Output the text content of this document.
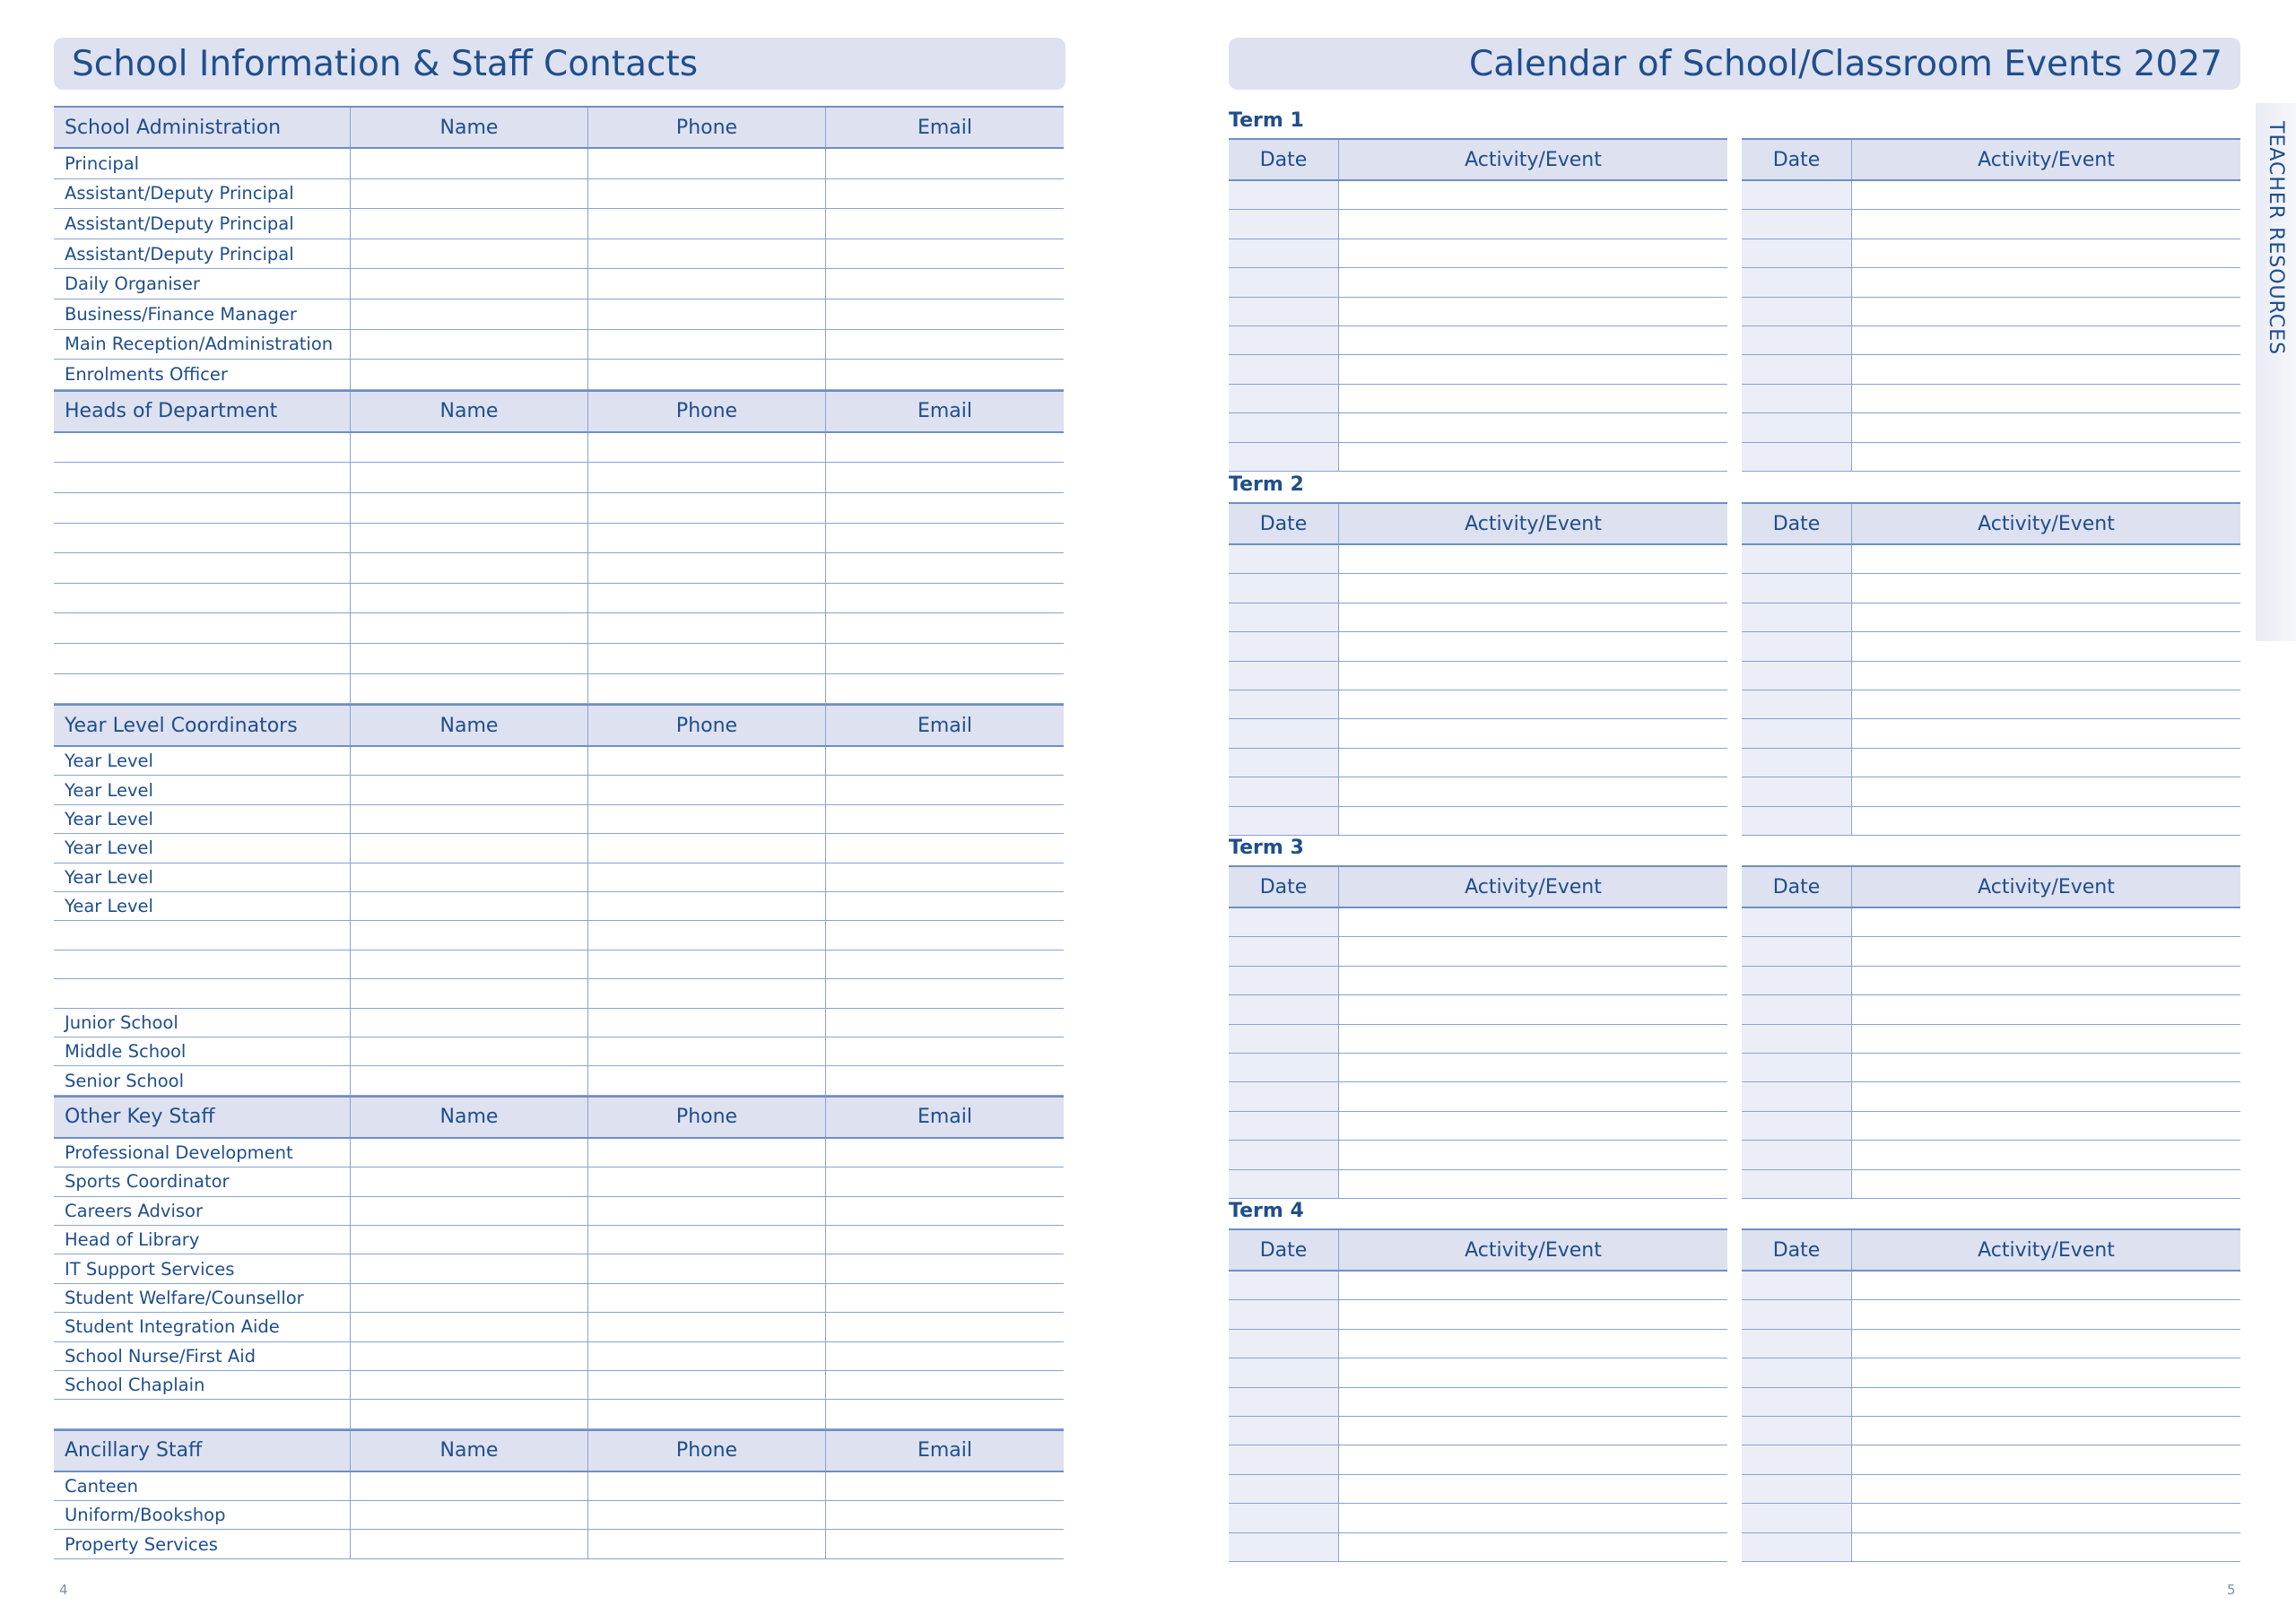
School Information & Staff Contacts
School Administration	Name	Phone	Email
Principal
Assistant/Deputy Principal
Assistant/Deputy Principal
Assistant/Deputy Principal
Daily Organiser
Business/Finance Manager
Main Reception/Administration
Enrolments Officer
Heads of Department	Name	Phone	Email
Year Level Coordinators	Name	Phone	Email
Year Level
Year Level
Year Level
Year Level
Year Level
Year Level
Junior School
Middle School
Senior School
Other Key Staff	Name	Phone	Email
Professional Development
Sports Coordinator
Careers Advisor
Head of Library
IT Support Services
Student Welfare/Counsellor
Student Integration Aide
School Nurse/First Aid
School Chaplain
Ancillary Staff	Name	Phone	Email
Canteen
Uniform/Bookshop
Property Services
4
Calendar of School/Classroom Events 2027
Term 1
Date	Activity/Event	Date	Activity/Event
Term 2
Date	Activity/Event	Date	Activity/Event
Term 3
Date	Activity/Event	Date	Activity/Event
Term 4
Date	Activity/Event	Date	Activity/Event
5
TEACHER RESOURCES
